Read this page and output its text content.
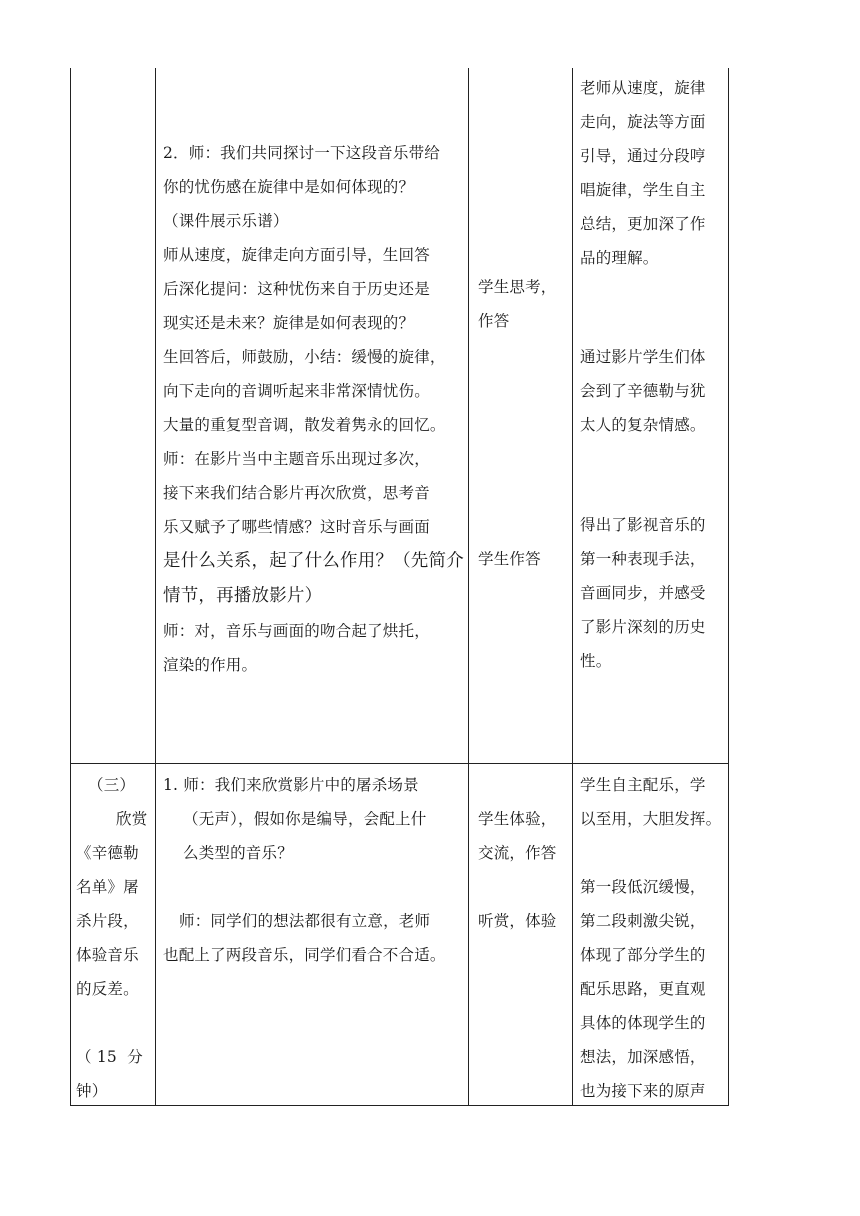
2．师：我们共同探讨一下这段音乐带给

你的忧伤感在旋律中是如何体现的？

（课件展示乐谱）

师从速度，旋律走向方面引导，生回答

后深化提问：这种忧伤来自于历史还是

现实还是未来？旋律是如何表现的？

生回答后，师鼓励，小结：缓慢的旋律，

向下走向的音调听起来非常深情忧伤。

大量的重复型音调，散发着隽永的回忆。

师：在影片当中主题音乐出现过多次，

接下来我们结合影片再次欣赏，思考音

乐又赋予了哪些情感？这时音乐与画面

是什么关系，起了什么作用？（先简介

情节，再播放影片）

师：对，音乐与画面的吻合起了烘托，

渲染的作用。

学生思考，

作答

学生作答

老师从速度，旋律

走向，旋法等方面

引导，通过分段哼

唱旋律，学生自主

总结，更加深了作

品的理解。

通过影片学生们体

会到了辛德勒与犹

太人的复杂情感。

得出了影视音乐的

第一种表现手法，

音画同步，并感受

了影片深刻的历史

性。

（三）

欣赏

《辛德勒

名单》屠

杀片段，

体验音乐

的反差。

（ 15  分

钟）

1. 师：我们来欣赏影片中的屠杀场景

（无声），假如你是编导，会配上什

么类型的音乐？

师：同学们的想法都很有立意，老师

也配上了两段音乐，同学们看合不合适。

学生体验，

交流，作答

听赏，体验

学生自主配乐，学

以至用，大胆发挥。

第一段低沉缓慢，

第二段刺激尖锐，

体现了部分学生的

配乐思路，更直观

具体的体现学生的

想法，加深感悟，

也为接下来的原声
